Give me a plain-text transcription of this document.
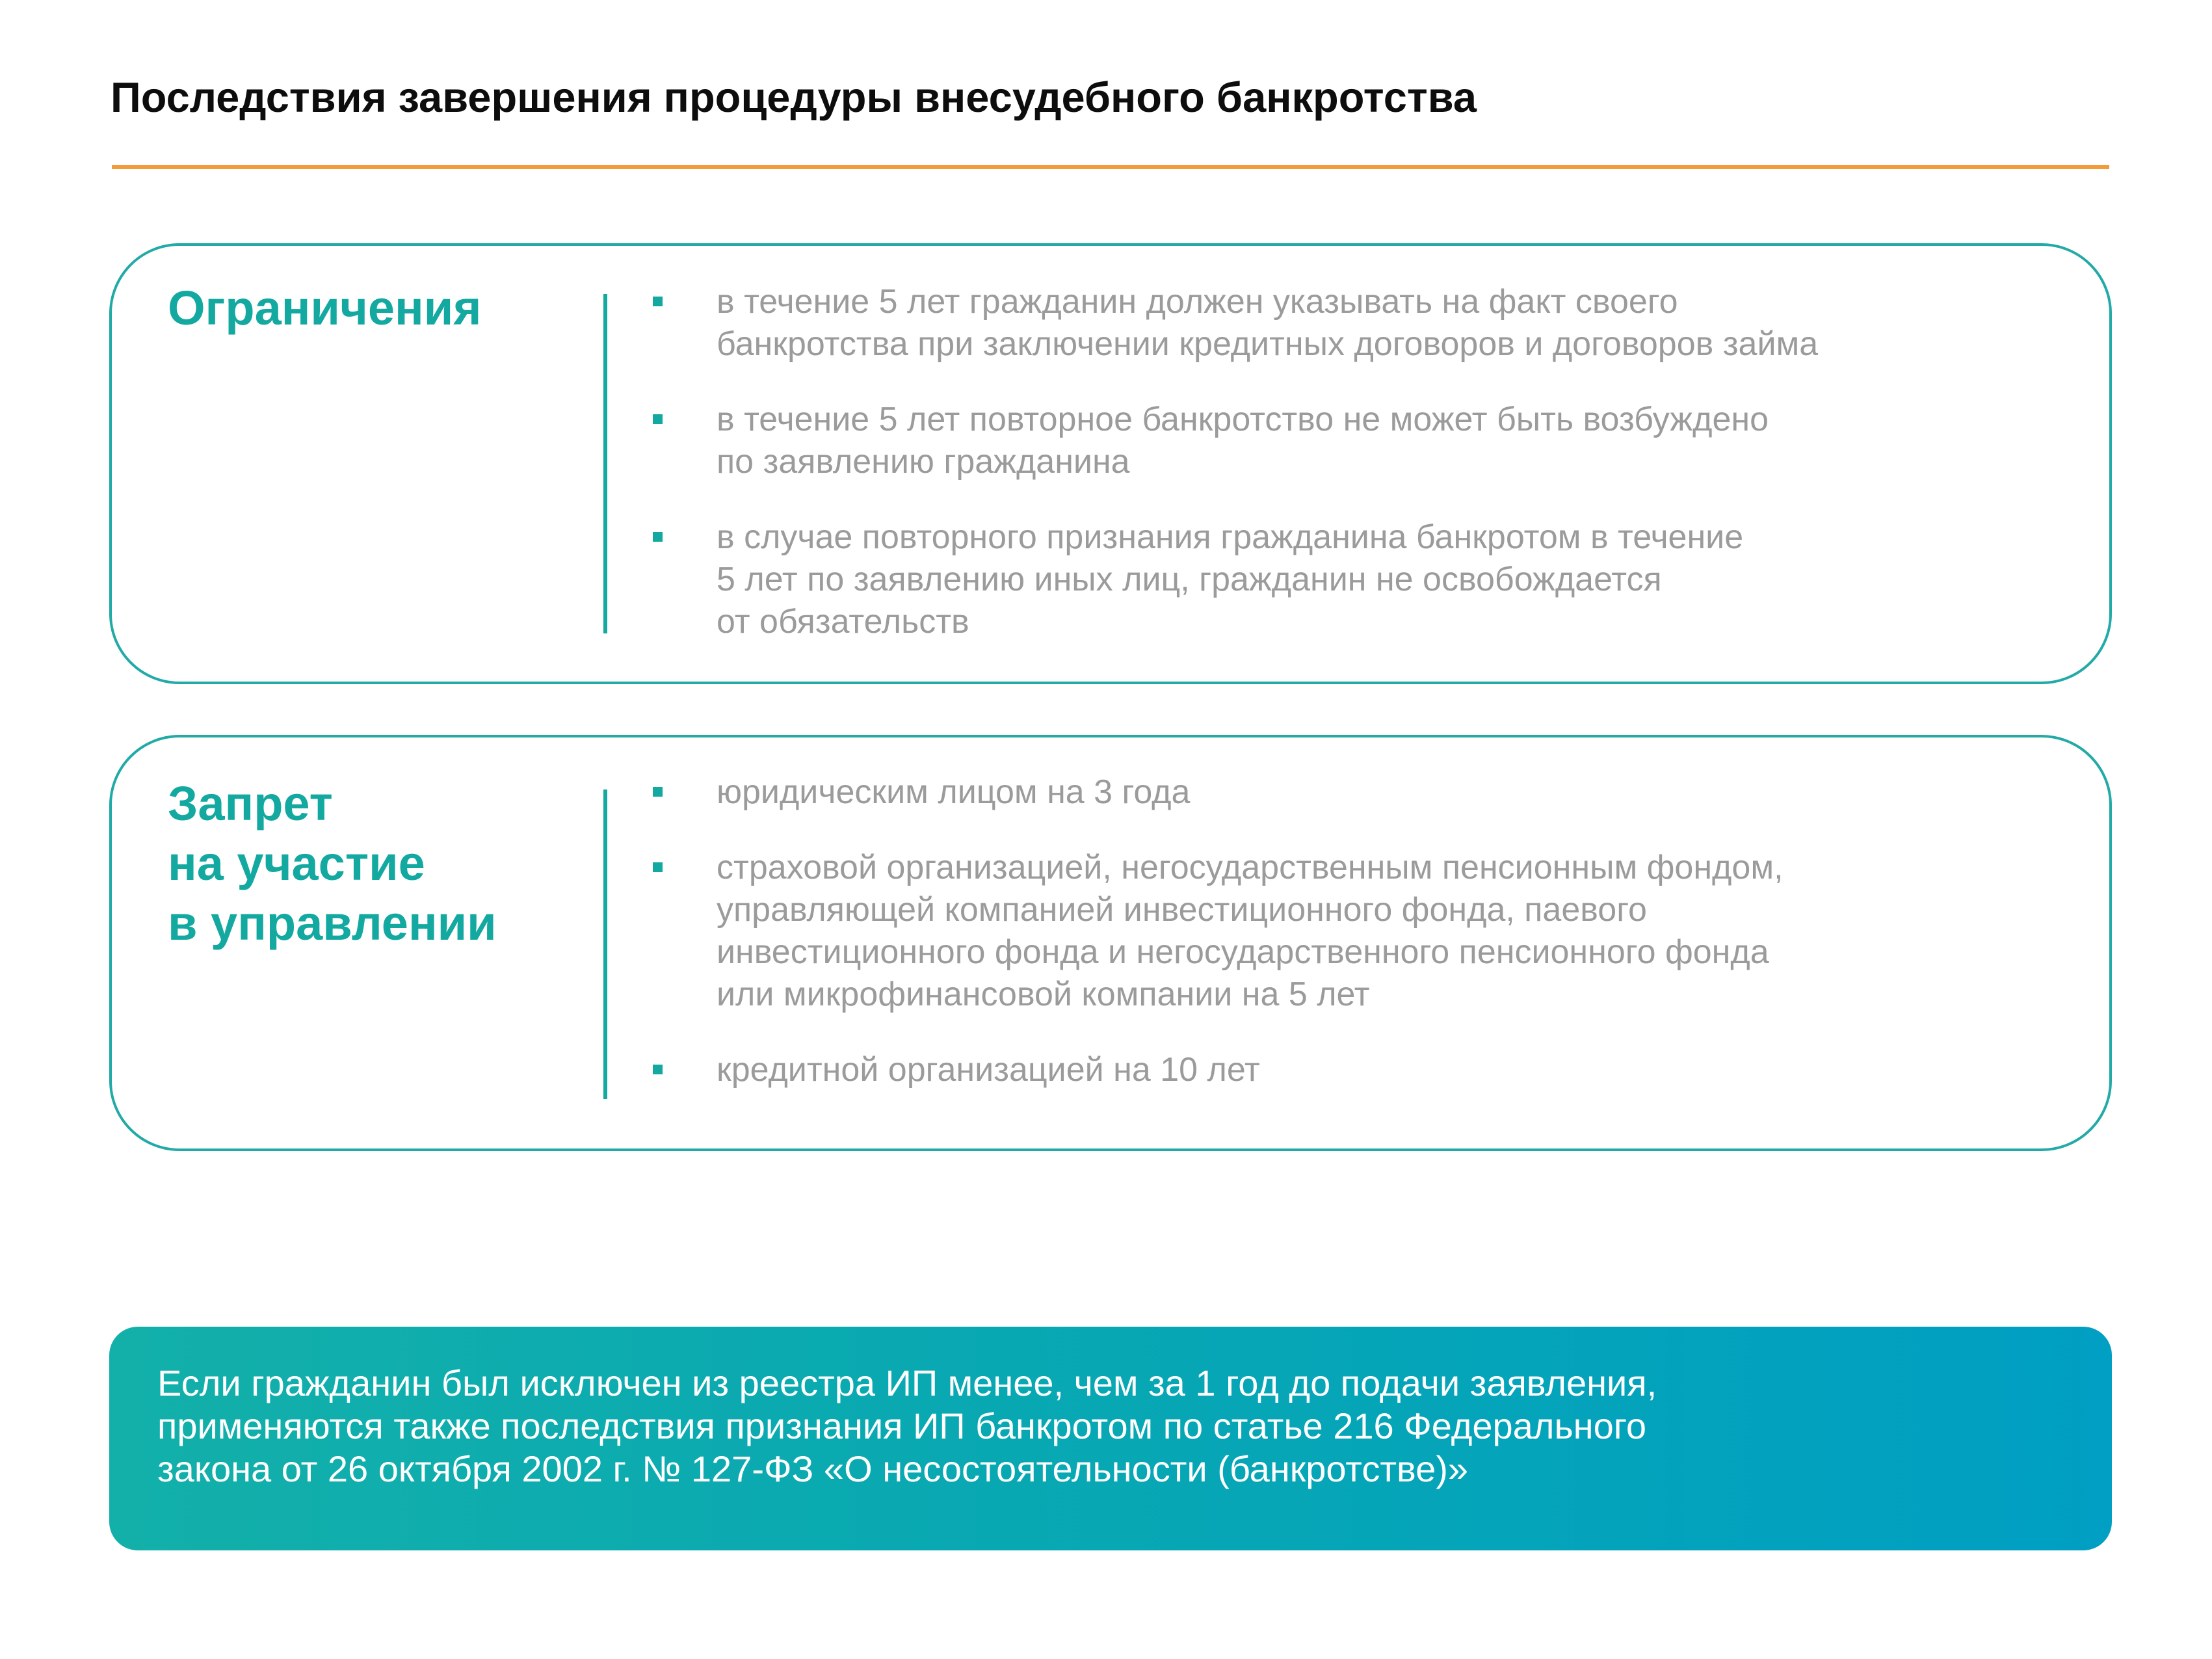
Последствия завершения процедуры внесудебного банкротства
Ограничения	в течение 5 лет гражданин должен указывать на факт своего
банкротства при заключении кредитных договоров и договоров займа
в течение 5 лет повторное банкротство не может быть возбуждено
по заявлению гражданина
в случае повторного признания гражданина банкротом в течение
5 лет по заявлению иных лиц, гражданин не освобождается
от обязательств
Запрет
на участие
в управлении
юридическим лицом на 3 года
страховой организацией, негосударственным пенсионным фондом,
управляющей компанией инвестиционного фонда, паевого
инвестиционного фонда и негосударственного пенсионного фонда
или микрофинансовой компании на 5 лет
кредитной организацией на 10 лет
Если гражданин был исключен из реестра ИП менее, чем за 1 год до подачи заявления,
применяются также последствия признания ИП банкротом по статье 216 Федерального
закона от 26 октября 2002 г. № 127-ФЗ «О несостоятельности (банкротстве)»
